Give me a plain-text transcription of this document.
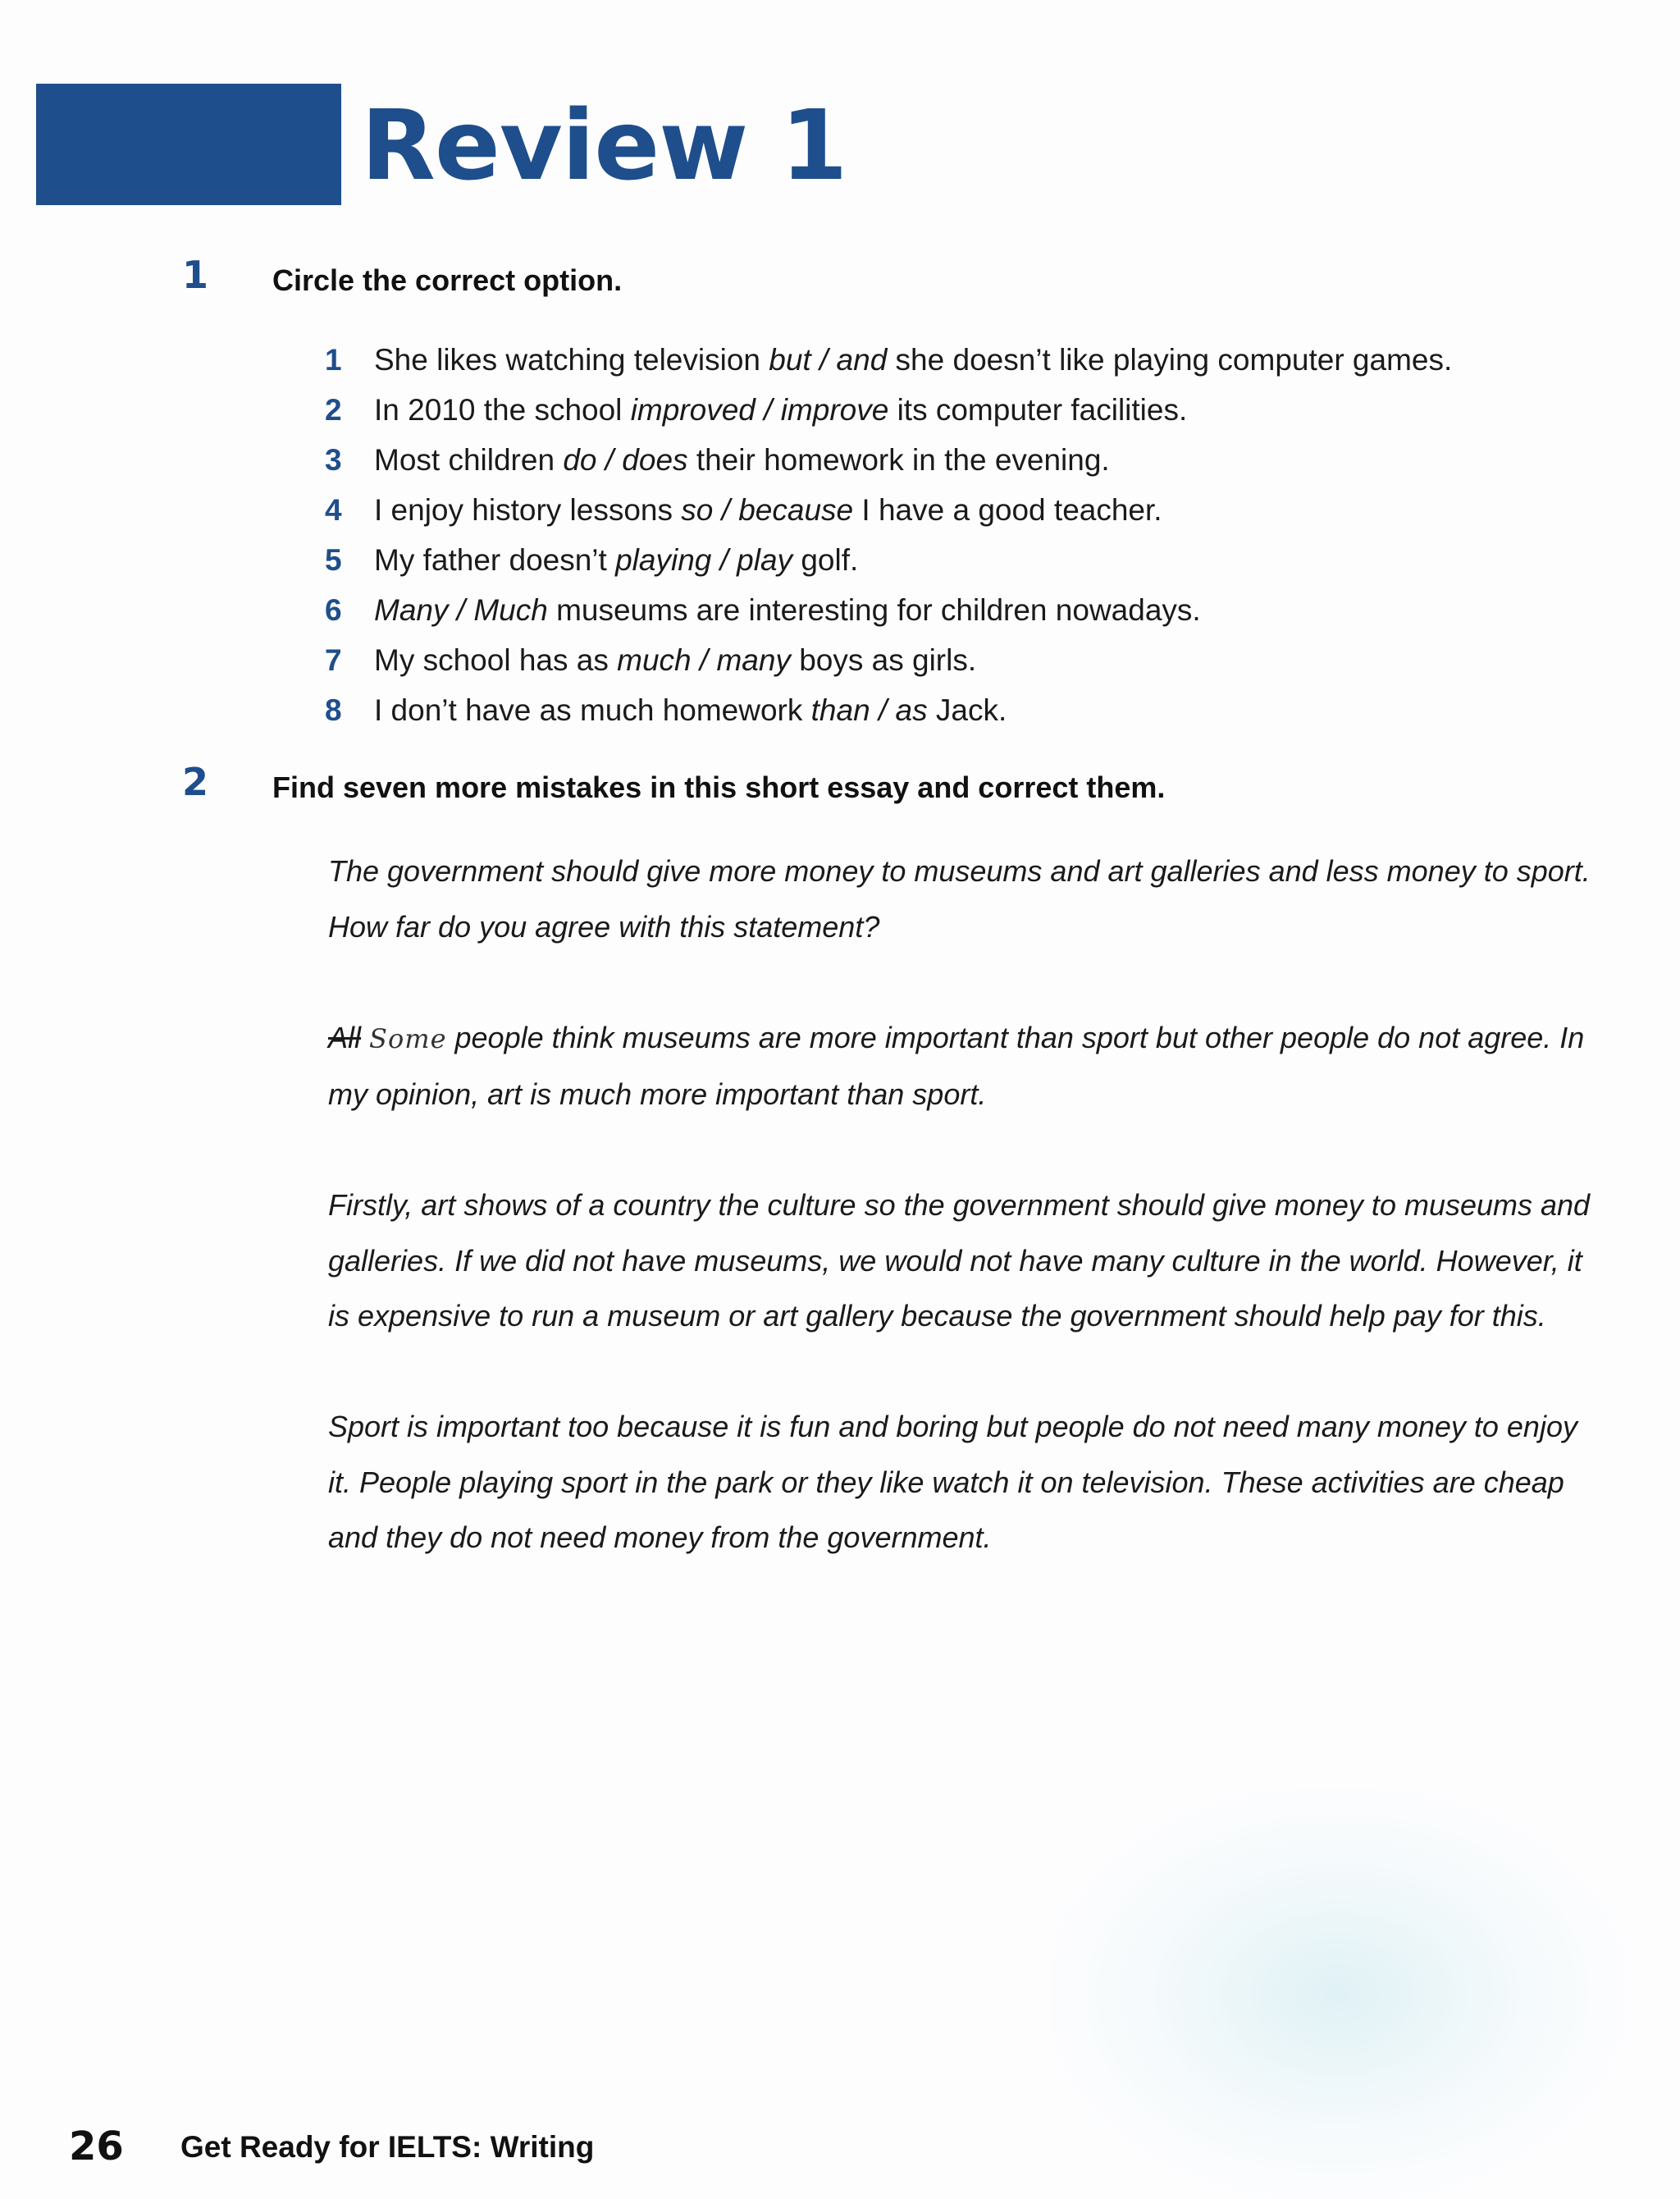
Review 1
1 Circle the correct option.
1 She likes watching television but / and she doesn’t like playing computer games.
2 In 2010 the school improved / improve its computer facilities.
3 Most children do / does their homework in the evening.
4 I enjoy history lessons so / because I have a good teacher.
5 My father doesn’t playing / play golf.
6 Many / Much museums are interesting for children nowadays.
7 My school has as much / many boys as girls.
8 I don’t have as much homework than / as Jack.
2 Find seven more mistakes in this short essay and correct them.

The government should give more money to museums and art galleries and less money to sport. How far do you agree with this statement?

All Some people think museums are more important than sport but other people do not agree. In my opinion, art is much more important than sport.

Firstly, art shows of a country the culture so the government should give money to museums and galleries. If we did not have museums, we would not have many culture in the world. However, it is expensive to run a museum or art gallery because the government should help pay for this.

Sport is important too because it is fun and boring but people do not need many money to enjoy it. People playing sport in the park or they like watch it on television. These activities are cheap and they do not need money from the government.

26 Get Ready for IELTS: Writing
